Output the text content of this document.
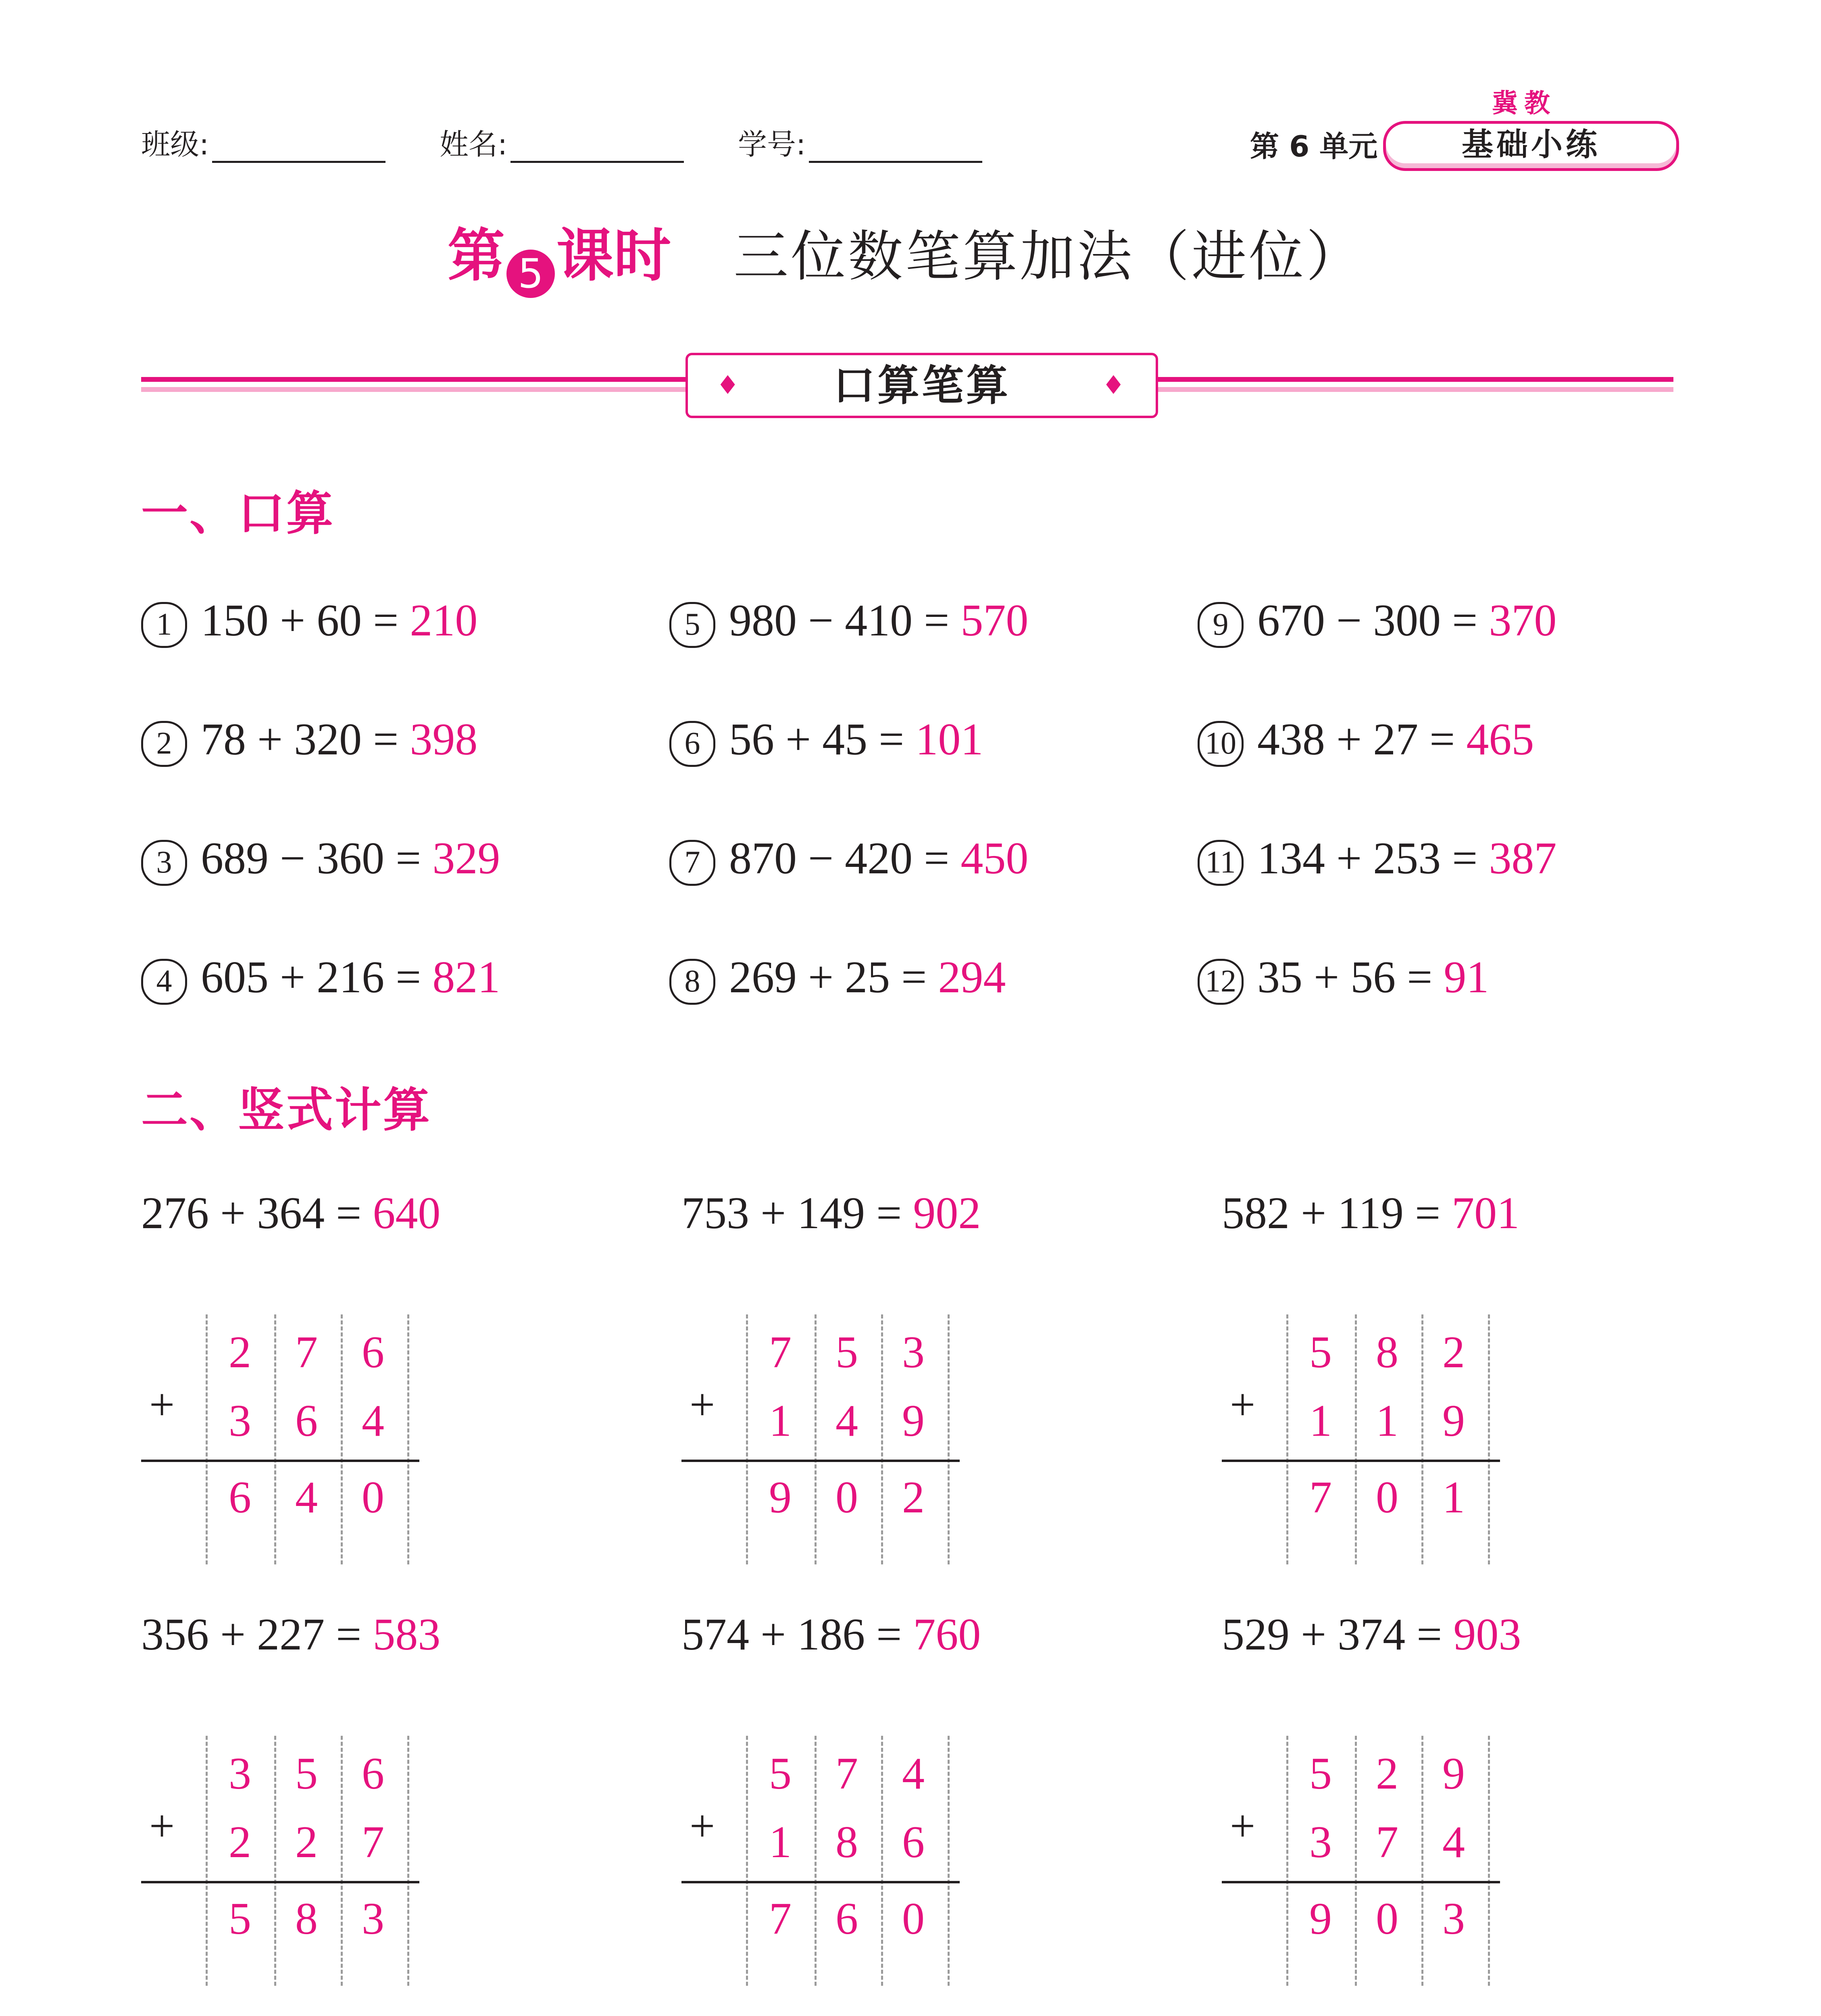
班级:	姓名:	学号:	第 6 单元
冀教
基础小练
第 5 课时 三位数笔算加法（进位）
♦ 口算笔算	♦
一、口算
1 150 + 60 = 210
2 78 + 320 = 398
3 689 − 360 = 329
4 605 + 216 = 821
5 980 − 410 = 570
6 56 + 45 = 101
7 870 − 420 = 450
8 269 + 25 = 294
9 670 − 300 = 370
10 438 + 27 = 465
11 134 + 253 = 387
12 35 + 56 = 91
二、竖式计算
276 + 364 = 640
+
2 7 6
3 6 4
6 4 0
753 + 149 = 902
+
7 5 3
1 4 9
9 0 2
582 + 119 = 701
+
5 8 2
1 1 9
7 0 1
356 + 227 = 583
+
3 5 6
2 2 7
5 8 3
574 + 186 = 760
+
5 7 4
1 8 6
7 6 0
529 + 374 = 903
+
5 2 9
3 7 4
9 0 3
